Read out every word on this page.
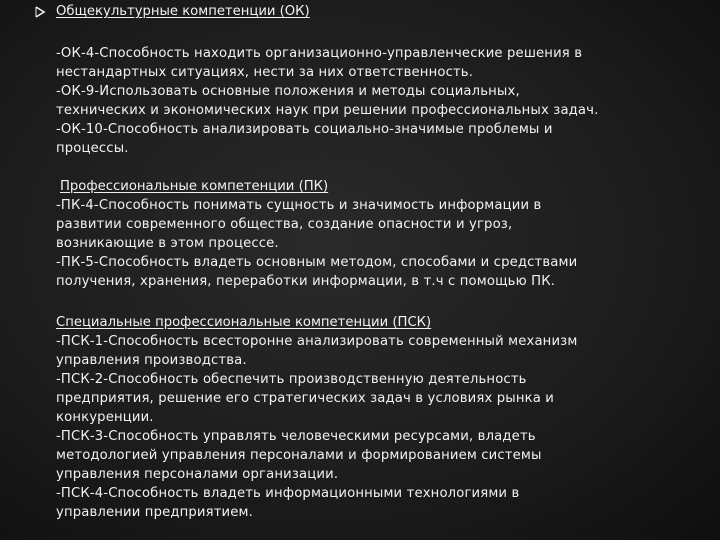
Общекультурные компетенции (ОК)
-ОК-4-Способность находить организационно-управленческие решения в
нестандартных ситуациях, нести за них ответственность.
-ОК-9-Использовать основные положения и методы социальных,
технических и экономических наук при решении профессиональных задач.
-ОК-10-Способность анализировать социально-значимые проблемы и
процессы.
Профессиональные компетенции (ПК)
-ПК-4-Способность понимать сущность и значимость информации в
развитии современного общества, создание опасности и угроз,
возникающие в этом процессе.
-ПК-5-Способность владеть основным методом, способами и средствами
получения, хранения, переработки информации, в т.ч с помощью ПК.
Специальные профессиональные компетенции (ПСК)
-ПСК-1-Способность всесторонне анализировать современный механизм
управления производства.
-ПСК-2-Способность обеспечить производственную деятельность
предприятия, решение его стратегических задач в условиях рынка и
конкуренции.
-ПСК-3-Способность управлять человеческими ресурсами, владеть
методологией управления персоналами и формированием системы
управления персоналами организации.
-ПСК-4-Способность владеть информационными технологиями в
управлении предприятием.
